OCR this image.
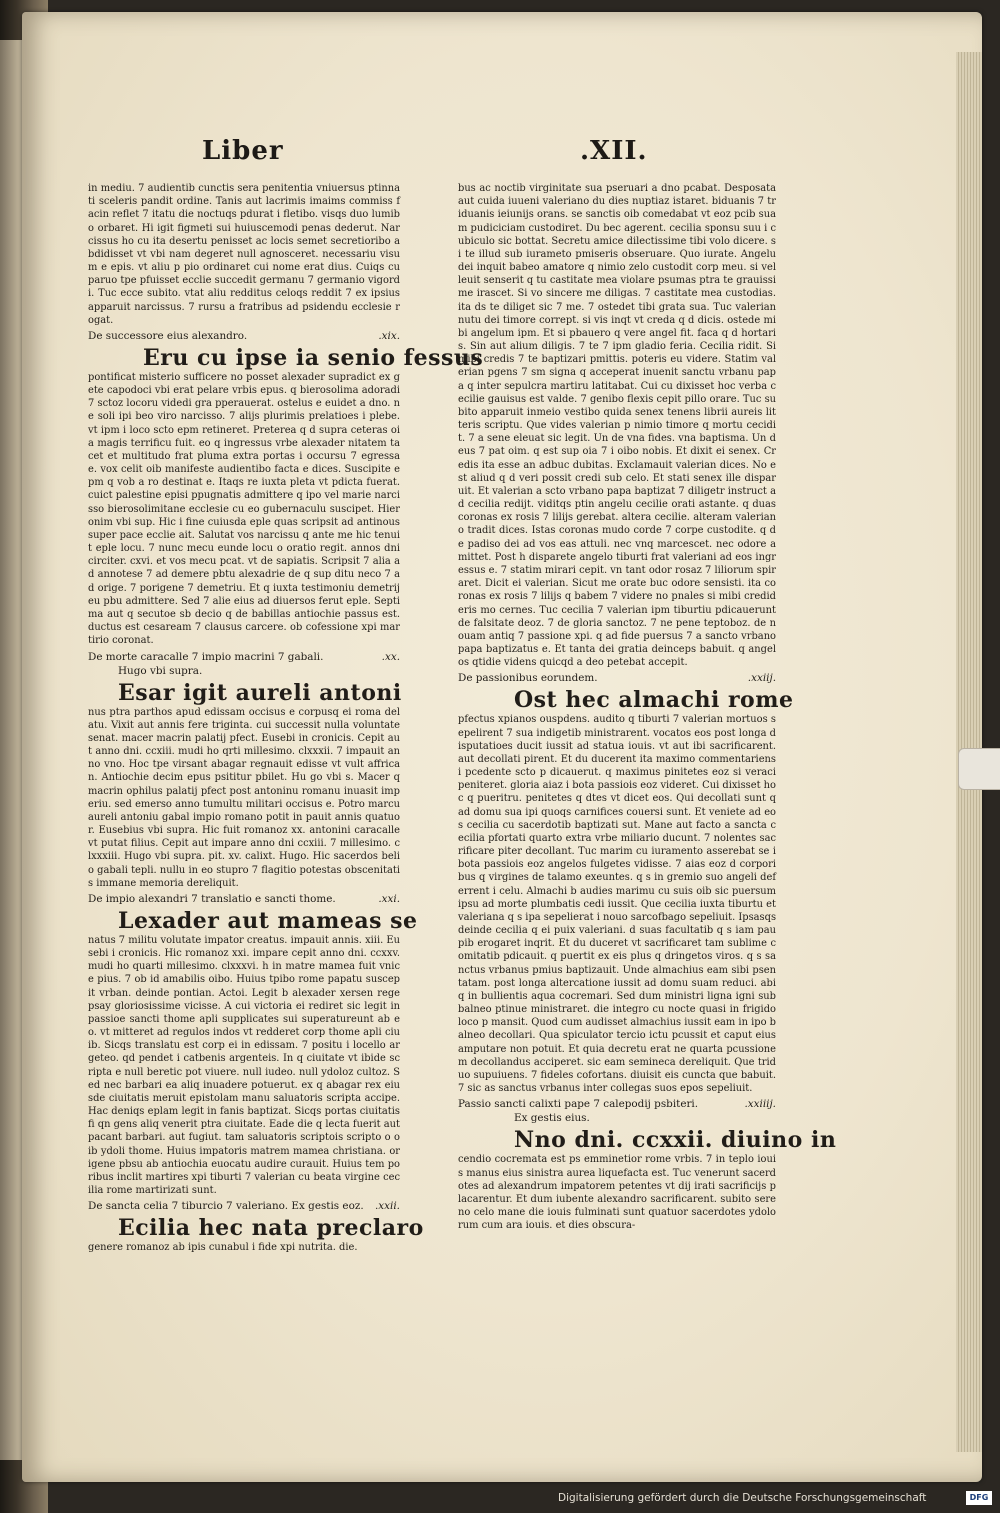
Liber	.XII.
in mediu. 7 audientib cunctis sera penitentia vniuersus ptinnati sceleris pandit ordine. Tanis aut lacrimis imaims commiss facin reflet 7 itatu die noctuqs pdurat i fletibo. visqs duo lumibo orbaret. Hi igit figmeti sui huiuscemodi penas dederut. Narcissus ho cu ita desertu penisset ac locis semet secretioribo abdidisset vt vbi nam degeret null agnosceret. necessariu visum e epis. vt aliu p pio ordinaret cui nome erat dius. Cuiqs cu paruo tpe pfuisset ecclie succedit germanu 7 germanio vigordi. Tuc ecce subito. vtat aliu redditus celoqs reddit 7 ex ipsius apparuit narcissus. 7 rursu a fratribus ad psidendu ecclesie rogat.
De successore eius alexandro.	.xix.
Eru cu ipse ia senio fessus
pontificat misterio sufficere no posset alexader supradict ex gete capodoci vbi erat pelare vrbis epus. q bierosolima adoradi 7 sctoz locoru videdi gra pperauerat. ostelus e euidet a dno. ne soli ipi beo viro narcisso. 7 alijs plurimis prelatioes i plebe. vt ipm i loco scto epm retineret. Preterea q d supra ceteras oia magis terrificu fuit. eo q ingressus vrbe alexader nitatem tacet et multitudo frat pluma extra portas i occursu 7 egressa e. vox celit oib manifeste audientibo facta e dices. Suscipite epm q vob a ro destinat e. Itaqs re iuxta pleta vt pdicta fuerat. cuict palestine episi ppugnatis admittere q ipo vel marie narcisso bierosolimitane ecclesie cu eo gubernaculu suscipet. Hieronim vbi sup. Hic i fine cuiusda eple quas scripsit ad antinous super pace ecclie ait. Salutat vos narcissu q ante me hic tenuit eple locu. 7 nunc mecu eunde locu o oratio regit. annos dni circiter. cxvi. et vos mecu pcat. vt de sapiatis. Scripsit 7 alia ad annotese 7 ad demere pbtu alexadrie de q sup ditu neco 7 ad orige. 7 porigene 7 demetriu. Et q iuxta testimoniu demetrij eu pbu admittere. Sed 7 alie eius ad diuersos ferut eple. Septima aut q secutoe sb decio q de babillas antiochie passus est. ductus est cesaream 7 clausus carcere. ob cofessione xpi martirio coronat.
De morte caracalle 7 impio macrini 7 gabali.	.xx.
Hugo vbi supra.
Esar igit aureli antoni
nus ptra parthos apud edissam occisus e corpusq ei roma delatu. Vixit aut annis fere triginta. cui successit nulla voluntate senat. macer macrin palatij pfect. Eusebi in cronicis. Cepit aut anno dni. ccxiii. mudi ho qrti millesimo. clxxxii. 7 impauit anno vno. Hoc tpe virsant abagar regnauit edisse vt vult affrican. Antiochie decim epus psititur pbilet. Hu go vbi s. Macer q macrin ophilus palatij pfect post antoninu romanu inuasit imperiu. sed emerso anno tumultu militari occisus e. Potro marcu aureli antoniu gabal impio romano potit in pauit annis quatuor. Eusebius vbi supra. Hic fuit romanoz xx. antonini caracalle vt putat filius. Cepit aut impare anno dni ccxiii. 7 millesimo. clxxxiii. Hugo vbi supra. pit. xv. calixt. Hugo. Hic sacerdos belio gabali tepli. nullu in eo stupro 7 flagitio potestas obscenitatis immane memoria dereliquit.
De impio alexandri 7 translatio e sancti thome.	.xxi.
Lexader aut mameas se
natus 7 militu volutate impator creatus. impauit annis. xiii. Eusebi i cronicis. Hic romanoz xxi. impare cepit anno dni. ccxxv. mudi ho quarti millesimo. clxxxvi. h in matre mamea fuit vnice pius. 7 ob id amabilis oibo. Huius tpibo rome papatu suscepit vrban. deinde pontian. Actoi. Legit b alexader xersen rege psay gloriosissime vicisse. A cui victoria ei rediret sic legit in passioe sancti thome apli supplicates sui superatureunt ab eo. vt mitteret ad regulos indos vt redderet corp thome apli ciuib. Sicqs translatu est corp ei in edissam. 7 positu i locello argeteo. qd pendet i catbenis argenteis. In q ciuitate vt ibide scripta e null beretic pot viuere. null iudeo. null ydoloz cultoz. Sed nec barbari ea aliq inuadere potuerut. ex q abagar rex eiusde ciuitatis meruit epistolam manu saluatoris scripta accipe. Hac deniqs eplam legit in fanis baptizat. Sicqs portas ciuitatis fi qn gens aliq venerit ptra ciuitate. Eade die q lecta fuerit aut pacant barbari. aut fugiut. tam saluatoris scriptois scripto o oib ydoli thome. Huius impatoris matrem mamea christiana. origene pbsu ab antiochia euocatu audire curauit. Huius tem poribus inclit martires xpi tiburti 7 valerian cu beata virgine cecilia rome martirizati sunt.
De sancta celia 7 tiburcio 7 valeriano. Ex gestis eoz. .xxii.
Ecilia hec nata preclaro
genere romanoz ab ipis cunabul i fide xpi nutrita. die.
bus ac noctib virginitate sua pseruari a dno pcabat. Desposata aut cuida iuueni valeriano du dies nuptiaz istaret. biduanis 7 triduanis ieiunijs orans. se sanctis oib comedabat vt eoz pcib suam pudiciciam custodiret. Du bec agerent. cecilia sponsu suu i cubiculo sic bottat. Secretu amice dilectissime tibi volo dicere. si te illud sub iurameto pmiseris obseruare. Quo iurate. Angelu dei inquit babeo amatore q nimio zelo custodit corp meu. si vel leuit senserit q tu castitate mea violare psumas ptra te grauissime irascet. Si vo sincere me diligas. 7 castitate mea custodias. ita ds te diliget sic 7 me. 7 ostedet tibi grata sua. Tuc valerian nutu dei timore corrept. si vis inqt vt creda q d dicis. ostede mibi angelum ipm. Et si pbauero q vere angel fit. faca q d hortaris. Sin aut alium diligis. 7 te 7 ipm gladio feria. Cecilia ridit. Si mibi credis 7 te baptizari pmittis. poteris eu videre. Statim valerian pgens 7 sm signa q acceperat inuenit sanctu vrbanu papa q inter sepulcra martiru latitabat. Cui cu dixisset hoc verba cecilie gauisus est valde. 7 genibo flexis cepit pillo orare. Tuc subito apparuit inmeio vestibo quida senex tenens librii aureis litteris scriptu. Que vides valerian p nimio timore q mortu cecidit. 7 a sene eleuat sic legit. Un de vna fides. vna baptisma. Un deus 7 pat oim. q est sup oia 7 i oibo nobis. Et dixit ei senex. Credis ita esse an adbuc dubitas. Exclamauit valerian dices. No est aliud q d veri possit credi sub celo. Et stati senex ille disparuit. Et valerian a scto vrbano papa baptizat 7 diligetr instruct ad cecilia redijt. viditqs ptin angelu cecilie orati astante. q duas coronas ex rosis 7 lilijs gerebat. altera cecilie. alteram valeriano tradit dices. Istas coronas mudo corde 7 corpe custodite. q de padiso dei ad vos eas attuli. nec vnq marcescet. nec odore amittet. Post h disparete angelo tiburti frat valeriani ad eos ingressus e. 7 statim mirari cepit. vn tant odor rosaz 7 liliorum spiraret. Dicit ei valerian. Sicut me orate buc odore sensisti. ita coronas ex rosis 7 lilijs q babem 7 videre no pnales si mibi credideris mo cernes. Tuc cecilia 7 valerian ipm tiburtiu pdicauerunt de falsitate deoz. 7 de gloria sanctoz. 7 ne pene teptoboz. de nouam antiq 7 passione xpi. q ad fide puersus 7 a sancto vrbano papa baptizatus e. Et tanta dei gratia deinceps babuit. q angelos qtidie videns quicqd a deo petebat accepit.
De passionibus eorundem.	.xxiij.
Ost hec almachi rome
pfectus xpianos ouspdens. audito q tiburti 7 valerian mortuos sepelirent 7 sua indigetib ministrarent. vocatos eos post longa disputatioes ducit iussit ad statua iouis. vt aut ibi sacrificarent. aut decollati pirent. Et du ducerent ita maximo commentariensi pcedente scto p dicauerut. q maximus pinitetes eoz si veraci peniteret. gloria aiaz i bota passiois eoz videret. Cui dixisset hoc q pueritru. penitetes q dtes vt dicet eos. Qui decollati sunt q ad domu sua ipi quoqs carnifices couersi sunt. Et veniete ad eos cecilia cu sacerdotib baptizati sut. Mane aut facto a sancta cecilia pfortati quarto extra vrbe miliario ducunt. 7 nolentes sacrificare piter decollant. Tuc marim cu iuramento asserebat se i bota passiois eoz angelos fulgetes vidisse. 7 aias eoz d corporibus q virgines de talamo exeuntes. q s in gremio suo angeli deferrent i celu. Almachi b audies marimu cu suis oib sic puersum ipsu ad morte plumbatis cedi iussit. Que cecilia iuxta tiburtu et valeriana q s ipa sepelierat i nouo sarcofbago sepeliuit. Ipsasqs deinde cecilia q ei puix valeriani. d suas facultatib q s iam paupib erogaret inqrit. Et du duceret vt sacrificaret tam sublime comitatib pdicauit. q puertit ex eis plus q dringetos viros. q s sanctus vrbanus pmius baptizauit. Unde almachius eam sibi psentatam. post longa altercatione iussit ad domu suam reduci. abiq in bullientis aqua cocremari. Sed dum ministri ligna igni sub balneo ptinue ministraret. die integro cu nocte quasi in frigido loco p mansit. Quod cum audisset almachius iussit eam in ipo balneo decollari. Qua spiculator tercio ictu pcussit et caput eius amputare non potuit. Et quia decretu erat ne quarta pcussionem decollandus acciperet. sic eam semineca dereliquit. Que triduo supuiuens. 7 fideles cofortans. diuisit eis cuncta que babuit. 7 sic as sanctus vrbanus inter collegas suos epos sepeliuit.
Passio sancti calixti pape 7 calepodij psbiteri.	.xxiiij.
Ex gestis eius.
Nno dni. ccxxii. diuino in
cendio cocremata est ps emminetior rome vrbis. 7 in teplo iouis manus eius sinistra aurea liquefacta est. Tuc venerunt sacerdotes ad alexandrum impatorem petentes vt dij irati sacrificijs placarentur. Et dum iubente alexandro sacrificarent. subito sereno celo mane die iouis fulminati sunt quatuor sacerdotes ydolorum cum ara iouis. et dies obscura-
Digitalisierung gefördert durch die Deutsche Forschungsgemeinschaft	DFG
